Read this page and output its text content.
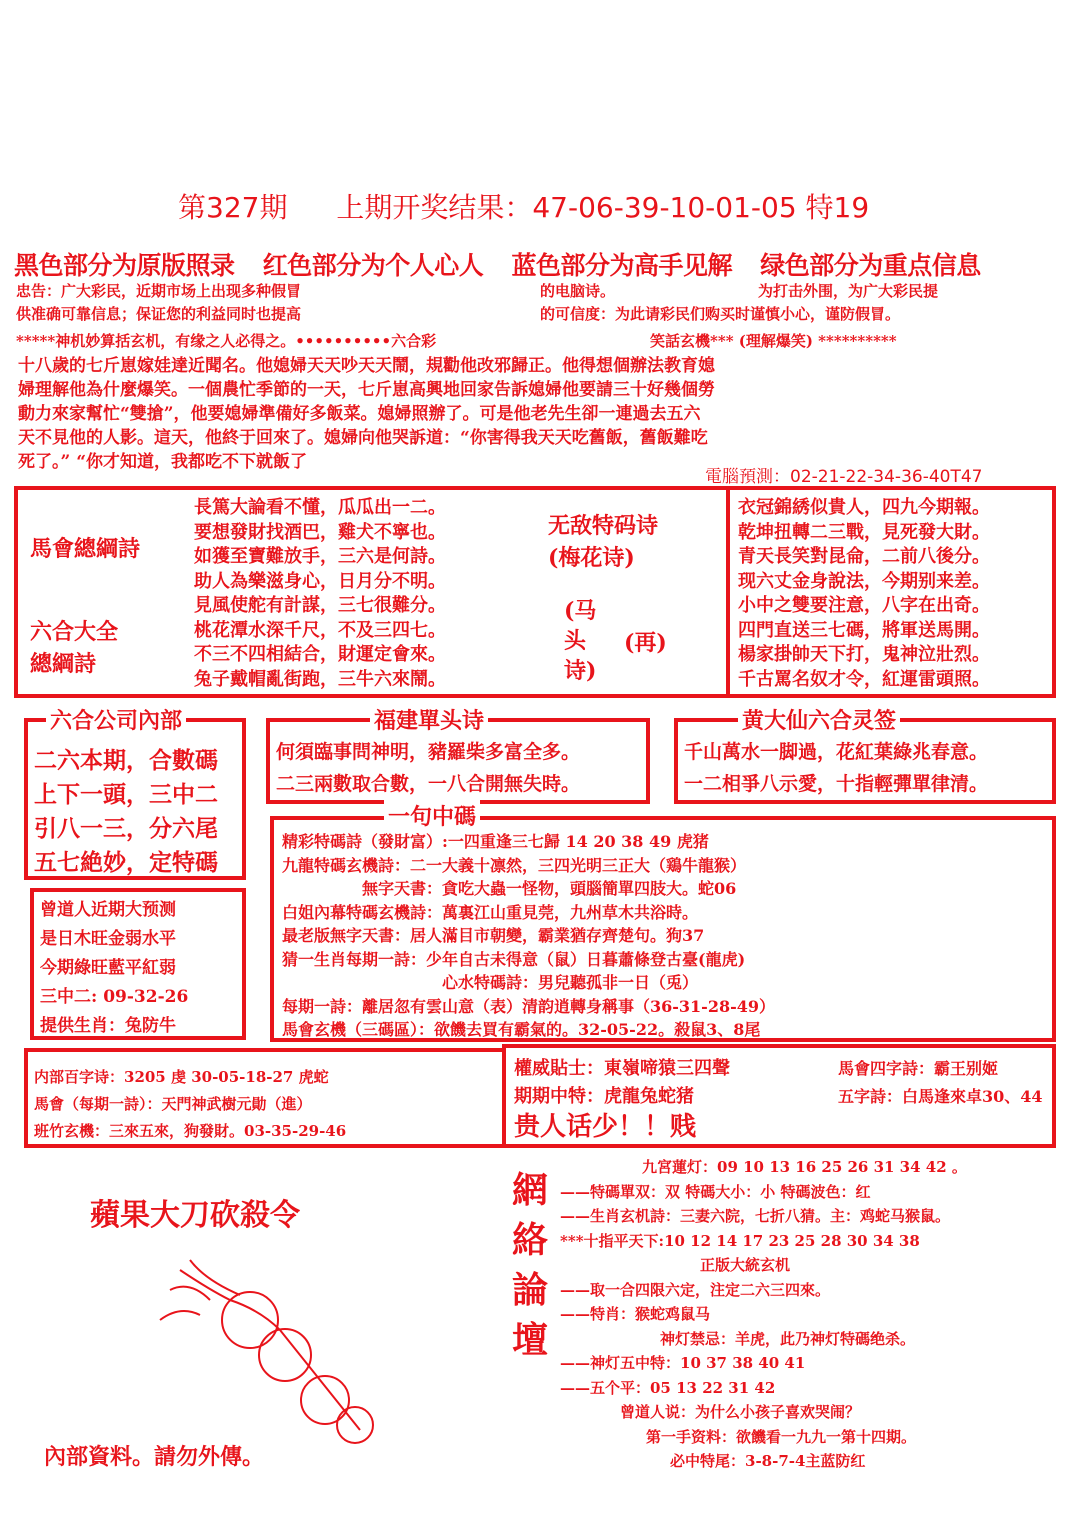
第327期 上期开奖结果：47-06-39-10-01-05 特19
黑色部分为原版照录 红色部分为个人心人 蓝色部分为高手见解 绿色部分为重点信息
忠告：广大彩民，近期市场上出现多种假冒
供准确可靠信息；保证您的利益同时也提高
的电脑诗。
的可信度：为此请彩民们购买时谨慎小心，谨防假冒。
为打击外围，为广大彩民提
*****神机妙算括玄机，有缘之人必得之。••••••••••六合彩	笑話玄機*** (理解爆笑) **********
十八歲的七斤崽嫁娃達近聞名。他媳婦天天吵天天鬧，規勸他改邪歸正。他得想個辦法教育媳
婦理解他為什麼爆笑。一個農忙季節的一天，七斤崽高興地回家告訴媳婦他要請三十好幾個勞
動力來家幫忙“雙搶”，他要媳婦準備好多飯菜。媳婦照辦了。可是他老先生卻一連過去五六
天不見他的人影。這天，他終于回來了。媳婦向他哭訴道：“你害得我天天吃舊飯，舊飯難吃
死了。” “你才知道，我都吃不下就飯了
電腦預測：02-21-22-34-36-40T47
馬會總綱詩
六合大全
總綱詩
長篤大論看不懂，瓜瓜出一二。
要想發財找酒巴，雞犬不寧也。
如獲至寶難放手，三六是何詩。
助人為樂滋身心，日月分不明。
見風使舵有計謀，三七很難分。
桃花潭水深千尺，不及三四七。
不三不四相結合，財運定會來。
兔子戴帽亂街跑，三牛六來鬧。
无敌特码诗
(梅花诗)
(马
头
诗)
(再)
衣冠錦綉似貴人，四九今期報。
乾坤扭轉二三戰，見死發大財。
青天長笑對昆侖，二前八後分。
现六丈金身說法，今期别来差。
小中之雙要注意，八字在出奇。
四門直送三七碼，將軍送馬開。
楊家掛帥天下打，鬼神泣壯烈。
千古罵名奴才令，紅運雷頭照。
六合公司內部
二六本期，合數碼
上下一頭，三中二
引八一三，分六尾
五七絶妙，定特碼
福建單头诗
何須臨事問神明，豬羅柴多富全多。
二三兩數取合數，一八合開無失時。
黄大仙六合灵签
千山萬水一脚過，花紅葉綠兆春意。
一二相爭八示愛，十指輕彈單律清。
一句中碼
精彩特碼詩（發財富）:一四重逢三七歸 14 20 38 49 虎猪
九龍特碼玄機詩：二一大義十凛然，三四光明三正大（鶏牛龍猴）
無字天書：貪吃大蟲一怪物，頭腦簡單四肢大。蛇06
白姐內幕特碼玄機詩：萬裏江山重見莞，九州草木共浴時。
最老版無字天書：居人滿目市朝變，霸業猶存齊楚句。狗37
猜一生肖每期一詩：少年自古未得意（鼠）日暮蕭條登古臺(龍虎)
心水特碼詩：男兒聽孤非一日（兎）
每期一詩：離居忽有雲山意（表）清韵逍轉身稱事（36-31-28-49）
馬會玄機（三碼區）：欲饑去買有霸氣的。32-05-22。殺鼠3、8尾
曾道人近期大预测
是日木旺金弱水平
今期綠旺藍平紅弱
三中二: 09-32-26
提供生肖：兔防牛
内部百字诗：3205 虔 30-05-18-27 虎蛇
馬會（每期一詩）：天門神武樹元勛（進）
班竹玄機：三來五來，狗發財。03-35-29-46
權威貼士：東嶺啼猿三四聲	馬會四字詩：霸王别姬
期期中特：虎龍兔蛇猪	五字詩：白馬逢來卓30、44
贵人话少！！贱
蘋果大刀砍殺令
內部資料。請勿外傳。
網
絡
論
壇
九宮蓮灯：09 10 13 16 25 26 31 34 42 。
——特碼單双：双 特碼大小：小 特碼波色：红
——生肖玄机詩：三妻六院，七折八猜。主：鸡蛇马猴鼠。
***十指平天下:10 12 14 17 23 25 28 30 34 38
正版大統玄机
——取一合四限六定，注定二六三四來。
——特肖：猴蛇鸡鼠马
神灯禁忌：羊虎，此乃神灯特碼绝杀。
——神灯五中特：10 37 38 40 41
——五个平：05 13 22 31 42
曾道人说：为什么小孩子喜欢哭闹？
第一手资料：欲饑看一九九一第十四期。
必中特尾：3-8-7-4主蓝防红
